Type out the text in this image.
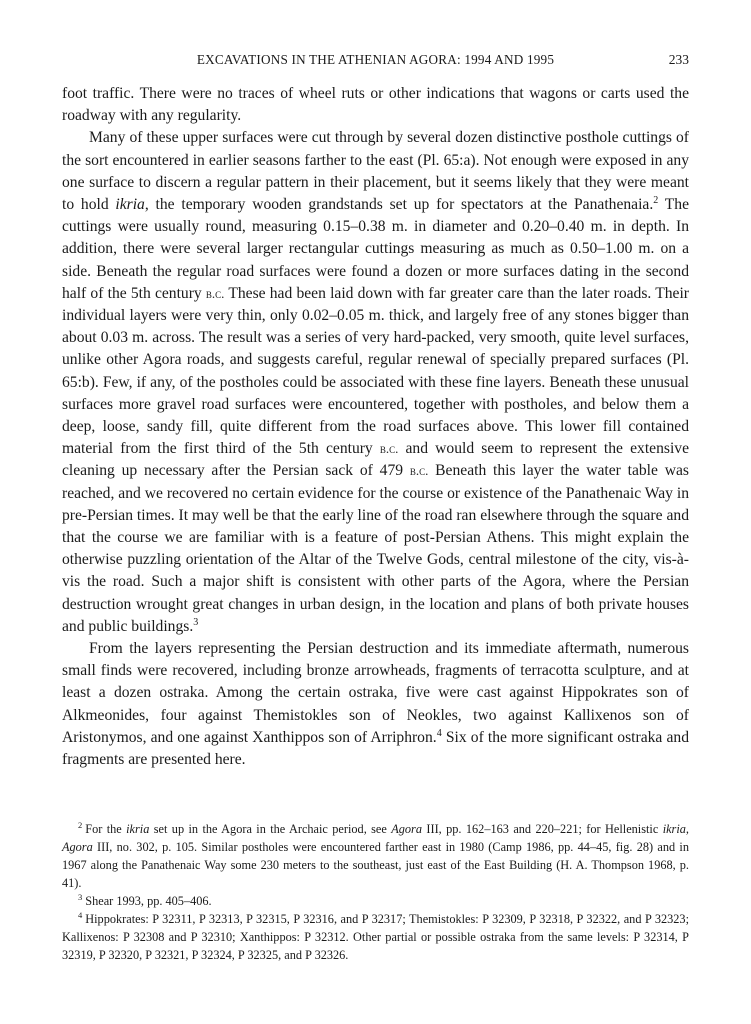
EXCAVATIONS IN THE ATHENIAN AGORA: 1994 AND 1995	233

foot traffic. There were no traces of wheel ruts or other indications that wagons or carts used the roadway with any regularity.

Many of these upper surfaces were cut through by several dozen distinctive posthole cuttings of the sort encountered in earlier seasons farther to the east (Pl. 65:a). Not enough were exposed in any one surface to discern a regular pattern in their placement, but it seems likely that they were meant to hold ikria, the temporary wooden grandstands set up for spectators at the Panathenaia.$^2$ The cuttings were usually round, measuring 0.15–0.38 m. in diameter and 0.20–0.40 m. in depth. In addition, there were several larger rectangular cuttings measuring as much as 0.50–1.00 m. on a side. Beneath the regular road surfaces were found a dozen or more surfaces dating in the second half of the 5th century b.c. These had been laid down with far greater care than the later roads. Their individual layers were very thin, only 0.02–0.05 m. thick, and largely free of any stones bigger than about 0.03 m. across. The result was a series of very hard-packed, very smooth, quite level surfaces, unlike other Agora roads, and suggests careful, regular renewal of specially prepared surfaces (Pl. 65:b). Few, if any, of the postholes could be associated with these fine layers. Beneath these unusual surfaces more gravel road surfaces were encountered, together with postholes, and below them a deep, loose, sandy fill, quite different from the road surfaces above. This lower fill contained material from the first third of the 5th century b.c. and would seem to represent the extensive cleaning up necessary after the Persian sack of 479 b.c. Beneath this layer the water table was reached, and we recovered no certain evidence for the course or existence of the Panathenaic Way in pre-Persian times. It may well be that the early line of the road ran elsewhere through the square and that the course we are familiar with is a feature of post-Persian Athens. This might explain the otherwise puzzling orientation of the Altar of the Twelve Gods, central milestone of the city, vis-à-vis the road. Such a major shift is consistent with other parts of the Agora, where the Persian destruction wrought great changes in urban design, in the location and plans of both private houses and public buildings.$^3$

From the layers representing the Persian destruction and its immediate aftermath, numerous small finds were recovered, including bronze arrowheads, fragments of terracotta sculpture, and at least a dozen ostraka. Among the certain ostraka, five were cast against Hippokrates son of Alkmeonides, four against Themistokles son of Neokles, two against Kallixenos son of Aristonymos, and one against Xanthippos son of Arriphron.$^4$ Six of the more significant ostraka and fragments are presented here.

$^2$ For the ikria set up in the Agora in the Archaic period, see Agora III, pp. 162–163 and 220–221; for Hellenistic ikria, Agora III, no. 302, p. 105. Similar postholes were encountered farther east in 1980 (Camp 1986, pp. 44–45, fig. 28) and in 1967 along the Panathenaic Way some 230 meters to the southeast, just east of the East Building (H. A. Thompson 1968, p. 41).

$^3$ Shear 1993, pp. 405–406.

$^4$ Hippokrates: P 32311, P 32313, P 32315, P 32316, and P 32317; Themistokles: P 32309, P 32318, P 32322, and P 32323; Kallixenos: P 32308 and P 32310; Xanthippos: P 32312. Other partial or possible ostraka from the same levels: P 32314, P 32319, P 32320, P 32321, P 32324, P 32325, and P 32326.
